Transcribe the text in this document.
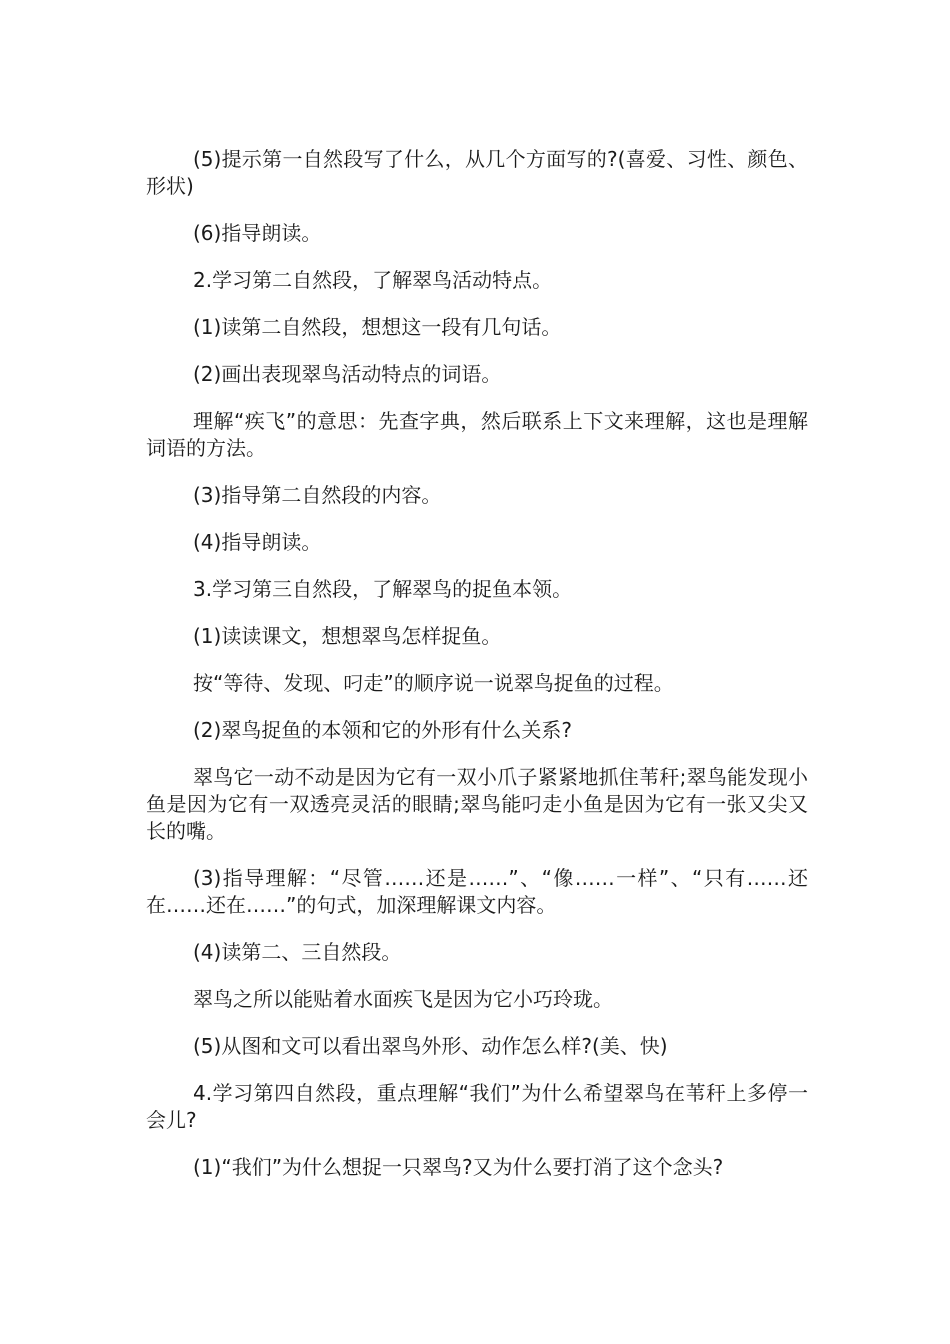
(5)提示第一自然段写了什么，从几个方面写的?(喜爱、习性、颜色、形状)

(6)指导朗读。

2.学习第二自然段，了解翠鸟活动特点。

(1)读第二自然段，想想这一段有几句话。

(2)画出表现翠鸟活动特点的词语。

理解“疾飞”的意思：先查字典，然后联系上下文来理解，这也是理解词语的方法。

(3)指导第二自然段的内容。

(4)指导朗读。

3.学习第三自然段，了解翠鸟的捉鱼本领。

(1)读读课文，想想翠鸟怎样捉鱼。

按“等待、发现、叼走”的顺序说一说翠鸟捉鱼的过程。

(2)翠鸟捉鱼的本领和它的外形有什么关系?

翠鸟它一动不动是因为它有一双小爪子紧紧地抓住苇秆;翠鸟能发现小鱼是因为它有一双透亮灵活的眼睛;翠鸟能叼走小鱼是因为它有一张又尖又长的嘴。

(3)指导理解：“尽管……还是……”、“像……一样”、“只有……还在……还在……”的句式，加深理解课文内容。

(4)读第二、三自然段。

翠鸟之所以能贴着水面疾飞是因为它小巧玲珑。

(5)从图和文可以看出翠鸟外形、动作怎么样?(美、快)

4.学习第四自然段，重点理解“我们”为什么希望翠鸟在苇秆上多停一会儿?

(1)“我们”为什么想捉一只翠鸟?又为什么要打消了这个念头?
